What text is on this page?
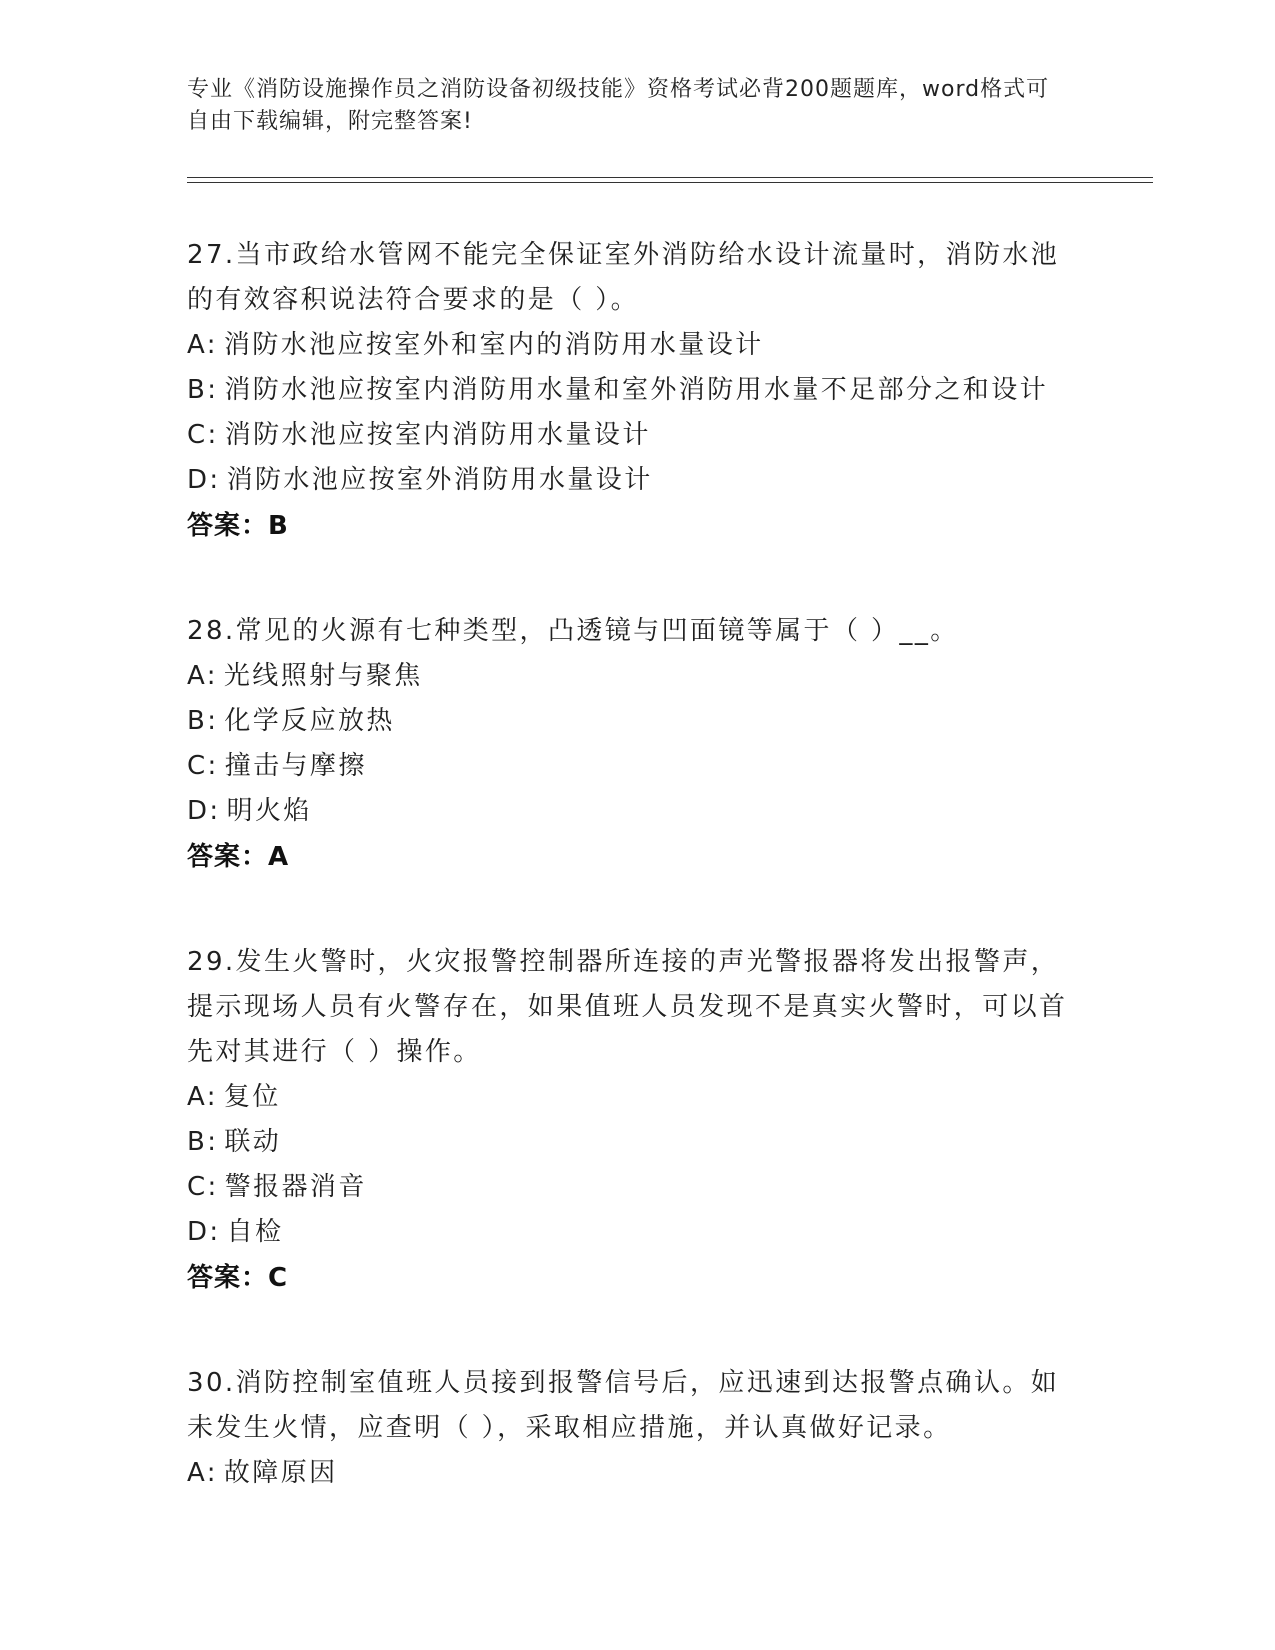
专业《消防设施操作员之消防设备初级技能》资格考试必背200题题库，word格式可自由下载编辑，附完整答案!
27.当市政给水管网不能完全保证室外消防给水设计流量时，消防水池的有效容积说法符合要求的是（ ）。
A: 消防水池应按室外和室内的消防用水量设计
B: 消防水池应按室内消防用水量和室外消防用水量不足部分之和设计
C: 消防水池应按室内消防用水量设计
D: 消防水池应按室外消防用水量设计
答案：B
28.常见的火源有七种类型，凸透镜与凹面镜等属于（ ）__。
A: 光线照射与聚焦
B: 化学反应放热
C: 撞击与摩擦
D: 明火焰
答案：A
29.发生火警时，火灾报警控制器所连接的声光警报器将发出报警声，提示现场人员有火警存在，如果值班人员发现不是真实火警时，可以首先对其进行（ ）操作。
A: 复位
B: 联动
C: 警报器消音
D: 自检
答案：C
30.消防控制室值班人员接到报警信号后，应迅速到达报警点确认。如未发生火情，应查明（ ），采取相应措施，并认真做好记录。
A: 故障原因
